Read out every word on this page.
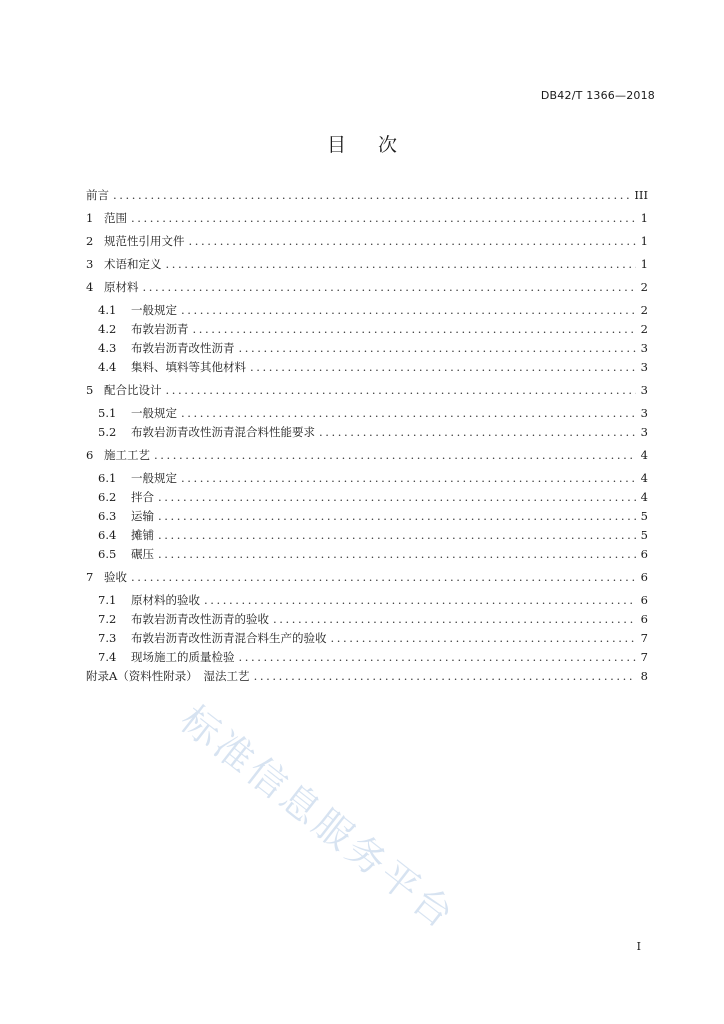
DB42/T 1366—2018
目 次
前言 .....	III
1 范围 .....	1
2 规范性引用文件 .....	1
3 术语和定义 .....	1
4 原材料 .....	2
4.1	一般规定 .....	2
4.2	布敦岩沥青 .....	2
4.3	布敦岩沥青改性沥青 .....	3
4.4	集料、填料等其他材料 .....	3
5 配合比设计 .....	3
5.1	一般规定 .....	3
5.2	布敦岩沥青改性沥青混合料性能要求 .....	3
6 施工工艺 .....	4
6.1	一般规定 .....	4
6.2	拌合 .....	4
6.3	运输 .....	5
6.4	摊铺 .....	5
6.5	碾压 .....	6
7 验收 .....	6
7.1	原材料的验收 .....	6
7.2	布敦岩沥青改性沥青的验收 .....	6
7.3	布敦岩沥青改性沥青混合料生产的验收 .....	7
7.4	现场施工的质量检验 .....	7
附录A（资料性附录）　湿法工艺 .....	8
标准信息服务平台
I
